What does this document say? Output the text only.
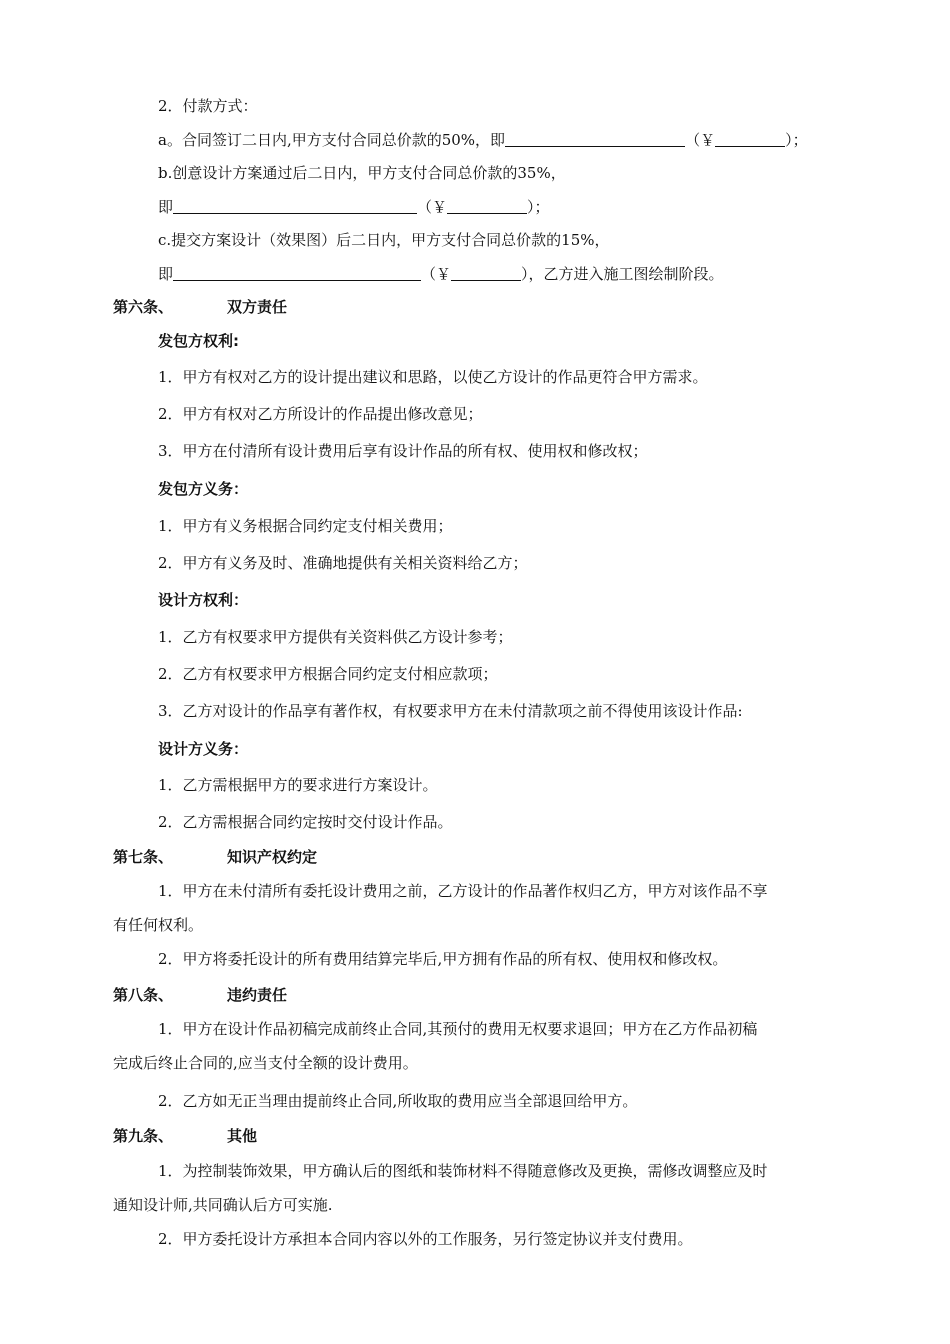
2．付款方式：
a。合同签订二日内,甲方支付合同总价款的50%，即	（￥	）；
b.创意设计方案通过后二日内，甲方支付合同总价款的35%，
即	（￥	）；
c.提交方案设计（效果图）后二日内，甲方支付合同总价款的15%，
即	（￥	），乙方进入施工图绘制阶段。
第六条、	双方责任
发包方权利:
1．甲方有权对乙方的设计提出建议和思路，以使乙方设计的作品更符合甲方需求。
2．甲方有权对乙方所设计的作品提出修改意见；
3．甲方在付清所有设计费用后享有设计作品的所有权、使用权和修改权；
发包方义务：
1．甲方有义务根据合同约定支付相关费用；
2．甲方有义务及时、准确地提供有关相关资料给乙方；
设计方权利：
1．乙方有权要求甲方提供有关资料供乙方设计参考；
2．乙方有权要求甲方根据合同约定支付相应款项；
3．乙方对设计的作品享有著作权，有权要求甲方在未付清款项之前不得使用该设计作品:
设计方义务：
1．乙方需根据甲方的要求进行方案设计。
2．乙方需根据合同约定按时交付设计作品。
第七条、	知识产权约定
1．甲方在未付清所有委托设计费用之前，乙方设计的作品著作权归乙方，甲方对该作品不享
有任何权利。
2．甲方将委托设计的所有费用结算完毕后,甲方拥有作品的所有权、使用权和修改权。
第八条、	违约责任
1．甲方在设计作品初稿完成前终止合同,其预付的费用无权要求退回；甲方在乙方作品初稿
完成后终止合同的,应当支付全额的设计费用。
2．乙方如无正当理由提前终止合同,所收取的费用应当全部退回给甲方。
第九条、	其他
1．为控制装饰效果，甲方确认后的图纸和装饰材料不得随意修改及更换，需修改调整应及时
通知设计师,共同确认后方可实施.
2．甲方委托设计方承担本合同内容以外的工作服务，另行签定协议并支付费用。
